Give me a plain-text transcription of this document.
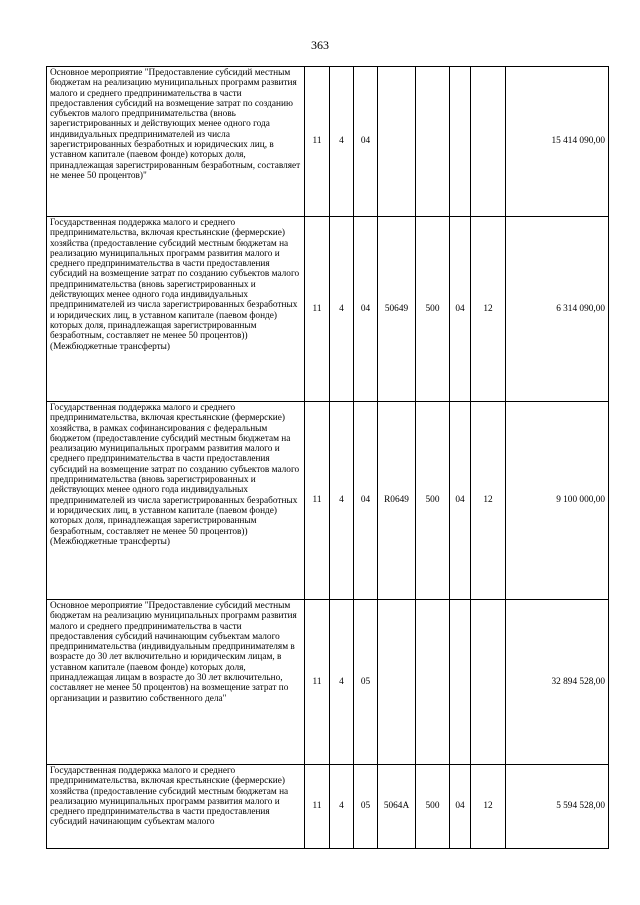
363
Основное мероприятие "Предоставление субсидий местным бюджетам на реализацию муниципальных программ развития малого и среднего предпринимательства в части предоставления субсидий на возмещение затрат по созданию субъектов малого предпринимательства (вновь зарегистрированных и действующих менее одного года индивидуальных предпринимателей из числа зарегистрированных безработных и юридических лиц, в уставном капитале (паевом фонде) которых доля, принадлежащая зарегистрированным безработным, составляет не менее 50 процентов)"	11	4	04					15 414 090,00
Государственная поддержка малого и среднего предпринимательства, включая крестьянские (фермерские) хозяйства (предоставление субсидий местным бюджетам на реализацию муниципальных программ развития малого и среднего предпринимательства в части предоставления субсидий на возмещение затрат по созданию субъектов малого предпринимательства (вновь зарегистрированных и действующих менее одного года индивидуальных предпринимателей из числа зарегистрированных безработных и юридических лиц, в уставном капитале (паевом фонде) которых доля, принадлежащая зарегистрированным безработным, составляет не менее 50 процентов)) (Межбюджетные трансферты)	11	4	04	50649	500	04	12	6 314 090,00
Государственная поддержка малого и среднего предпринимательства, включая крестьянские (фермерские) хозяйства, в рамках софинансирования с федеральным бюджетом (предоставление субсидий местным бюджетам на реализацию муниципальных программ развития малого и среднего предпринимательства в части предоставления субсидий на возмещение затрат по созданию субъектов малого предпринимательства (вновь зарегистрированных и действующих менее одного года индивидуальных предпринимателей из числа зарегистрированных безработных и юридических лиц, в уставном капитале (паевом фонде) которых доля, принадлежащая зарегистрированным безработным, составляет не менее 50 процентов)) (Межбюджетные трансферты)	11	4	04	R0649	500	04	12	9 100 000,00
Основное мероприятие "Предоставление субсидий местным бюджетам на реализацию муниципальных программ развития малого и среднего предпринимательства в части предоставления субсидий начинающим субъектам малого предпринимательства (индивидуальным предпринимателям в возрасте до 30 лет включительно и юридическим лицам, в уставном капитале (паевом фонде) которых доля, принадлежащая лицам в возрасте до 30 лет включительно, составляет не менее 50 процентов) на возмещение затрат по организации и развитию собственного дела"	11	4	05					32 894 528,00
Государственная поддержка малого и среднего предпринимательства, включая крестьянские (фермерские) хозяйства (предоставление субсидий местным бюджетам на реализацию муниципальных программ развития малого и среднего предпринимательства в части предоставления субсидий начинающим субъектам малого	11	4	05	5064А	500	04	12	5 594 528,00
